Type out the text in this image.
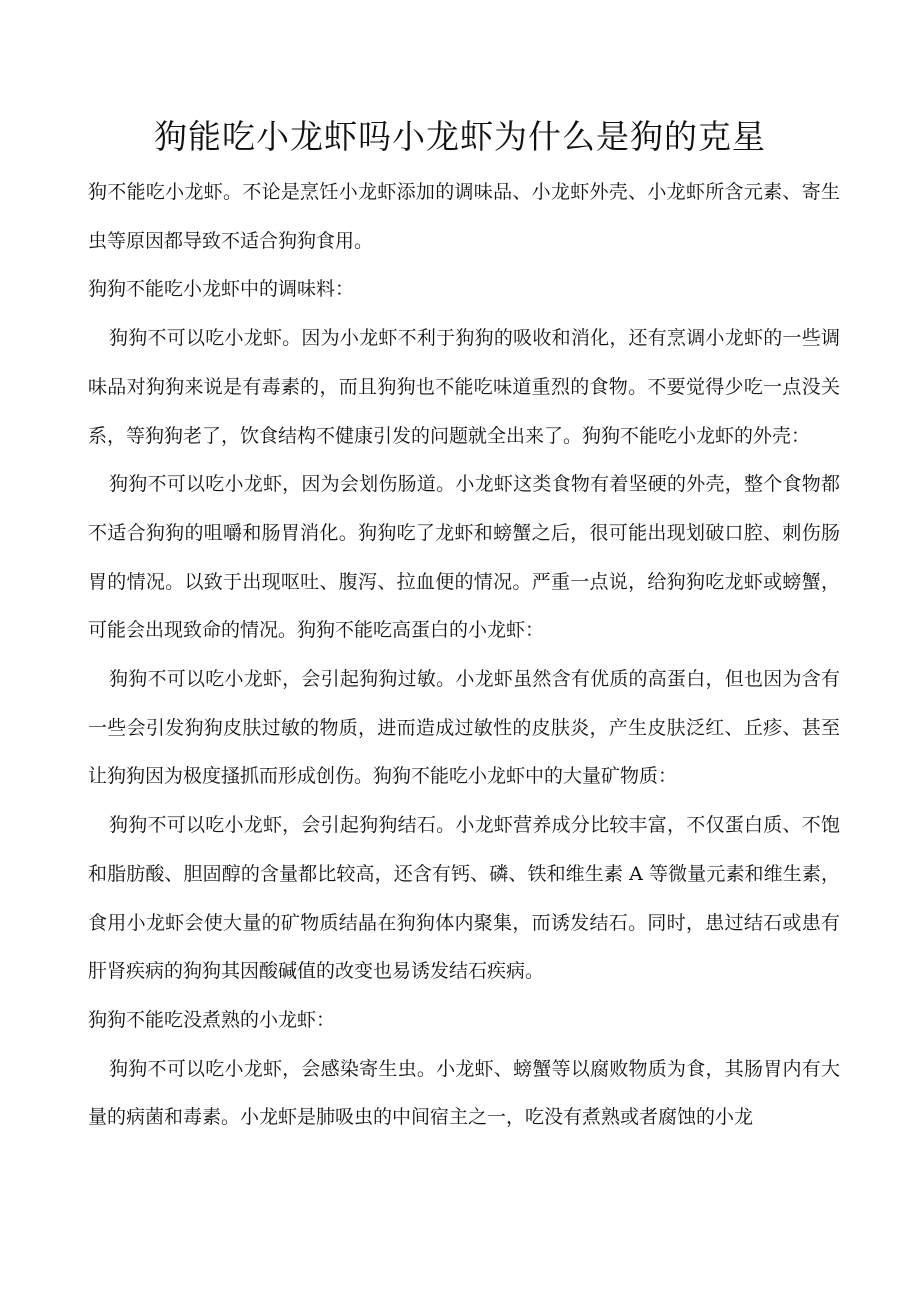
狗能吃小龙虾吗小龙虾为什么是狗的克星

狗不能吃小龙虾。不论是烹饪小龙虾添加的调味品、小龙虾外壳、小龙虾所含元素、寄生虫等原因都导致不适合狗狗食用。

狗狗不能吃小龙虾中的调味料：

狗狗不可以吃小龙虾。因为小龙虾不利于狗狗的吸收和消化，还有烹调小龙虾的一些调味品对狗狗来说是有毒素的，而且狗狗也不能吃味道重烈的食物。不要觉得少吃一点没关系，等狗狗老了，饮食结构不健康引发的问题就全出来了。狗狗不能吃小龙虾的外壳：

狗狗不可以吃小龙虾，因为会划伤肠道。小龙虾这类食物有着坚硬的外壳，整个食物都不适合狗狗的咀嚼和肠胃消化。狗狗吃了龙虾和螃蟹之后，很可能出现划破口腔、刺伤肠胃的情况。以致于出现呕吐、腹泻、拉血便的情况。严重一点说，给狗狗吃龙虾或螃蟹，可能会出现致命的情况。狗狗不能吃高蛋白的小龙虾：

狗狗不可以吃小龙虾，会引起狗狗过敏。小龙虾虽然含有优质的高蛋白，但也因为含有一些会引发狗狗皮肤过敏的物质，进而造成过敏性的皮肤炎，产生皮肤泛红、丘疹、甚至让狗狗因为极度搔抓而形成创伤。狗狗不能吃小龙虾中的大量矿物质：

狗狗不可以吃小龙虾，会引起狗狗结石。小龙虾营养成分比较丰富，不仅蛋白质、不饱和脂肪酸、胆固醇的含量都比较高，还含有钙、磷、铁和维生素 A 等微量元素和维生素，食用小龙虾会使大量的矿物质结晶在狗狗体内聚集，而诱发结石。同时，患过结石或患有肝肾疾病的狗狗其因酸碱值的改变也易诱发结石疾病。

狗狗不能吃没煮熟的小龙虾：

狗狗不可以吃小龙虾，会感染寄生虫。小龙虾、螃蟹等以腐败物质为食，其肠胃内有大量的病菌和毒素。小龙虾是肺吸虫的中间宿主之一，吃没有煮熟或者腐蚀的小龙
